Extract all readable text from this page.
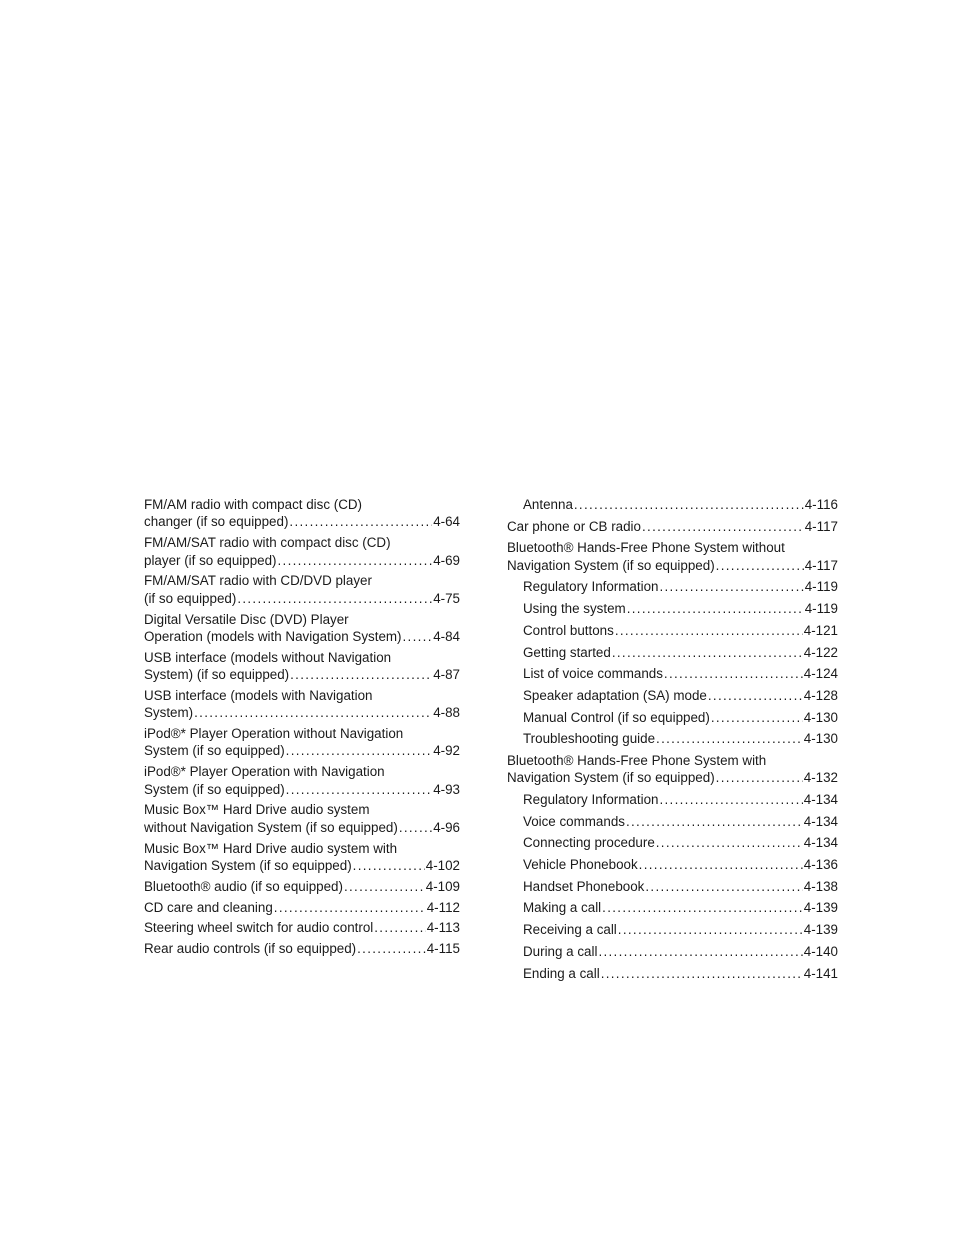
FM/AM radio with compact disc (CD)
changer (if so equipped) . . .	4-64
FM/AM/SAT radio with compact disc (CD)
player (if so equipped) . . .	4-69
FM/AM/SAT radio with CD/DVD player
(if so equipped) . . .	4-75
Digital Versatile Disc (DVD) Player
Operation (models with Navigation System) . . . 4-84
USB interface (models without Navigation
System) (if so equipped) . . .	4-87
USB interface (models with Navigation
System) . . .	4-88
iPod®* Player Operation without Navigation
System (if so equipped) . . .	4-92
iPod®* Player Operation with Navigation
System (if so equipped) . . .	4-93
Music Box™ Hard Drive audio system
without Navigation System (if so equipped) . . .	4-96
Music Box™ Hard Drive audio system with
Navigation System (if so equipped) . . .	4-102
Bluetooth® audio (if so equipped) . . .	4-109
CD care and cleaning . . .	4-112
Steering wheel switch for audio control . . .	4-113
Rear audio controls (if so equipped) . . .	4-115
Antenna . . .	4-116
Car phone or CB radio . . .	4-117
Bluetooth® Hands-Free Phone System without
Navigation System (if so equipped) . . .	4-117
Regulatory Information . . .	4-119
Using the system . . .	4-119
Control buttons . . .	4-121
Getting started . . .	4-122
List of voice commands . . .	4-124
Speaker adaptation (SA) mode . . .	4-128
Manual Control (if so equipped) . . .	4-130
Troubleshooting guide . . .	4-130
Bluetooth® Hands-Free Phone System with
Navigation System (if so equipped) . . .	4-132
Regulatory Information . . .	4-134
Voice commands . . .	4-134
Connecting procedure . . .	4-134
Vehicle Phonebook . . .	4-136
Handset Phonebook . . .	4-138
Making a call . . .	4-139
Receiving a call . . .	4-139
During a call . . .	4-140
Ending a call . . .	4-141
